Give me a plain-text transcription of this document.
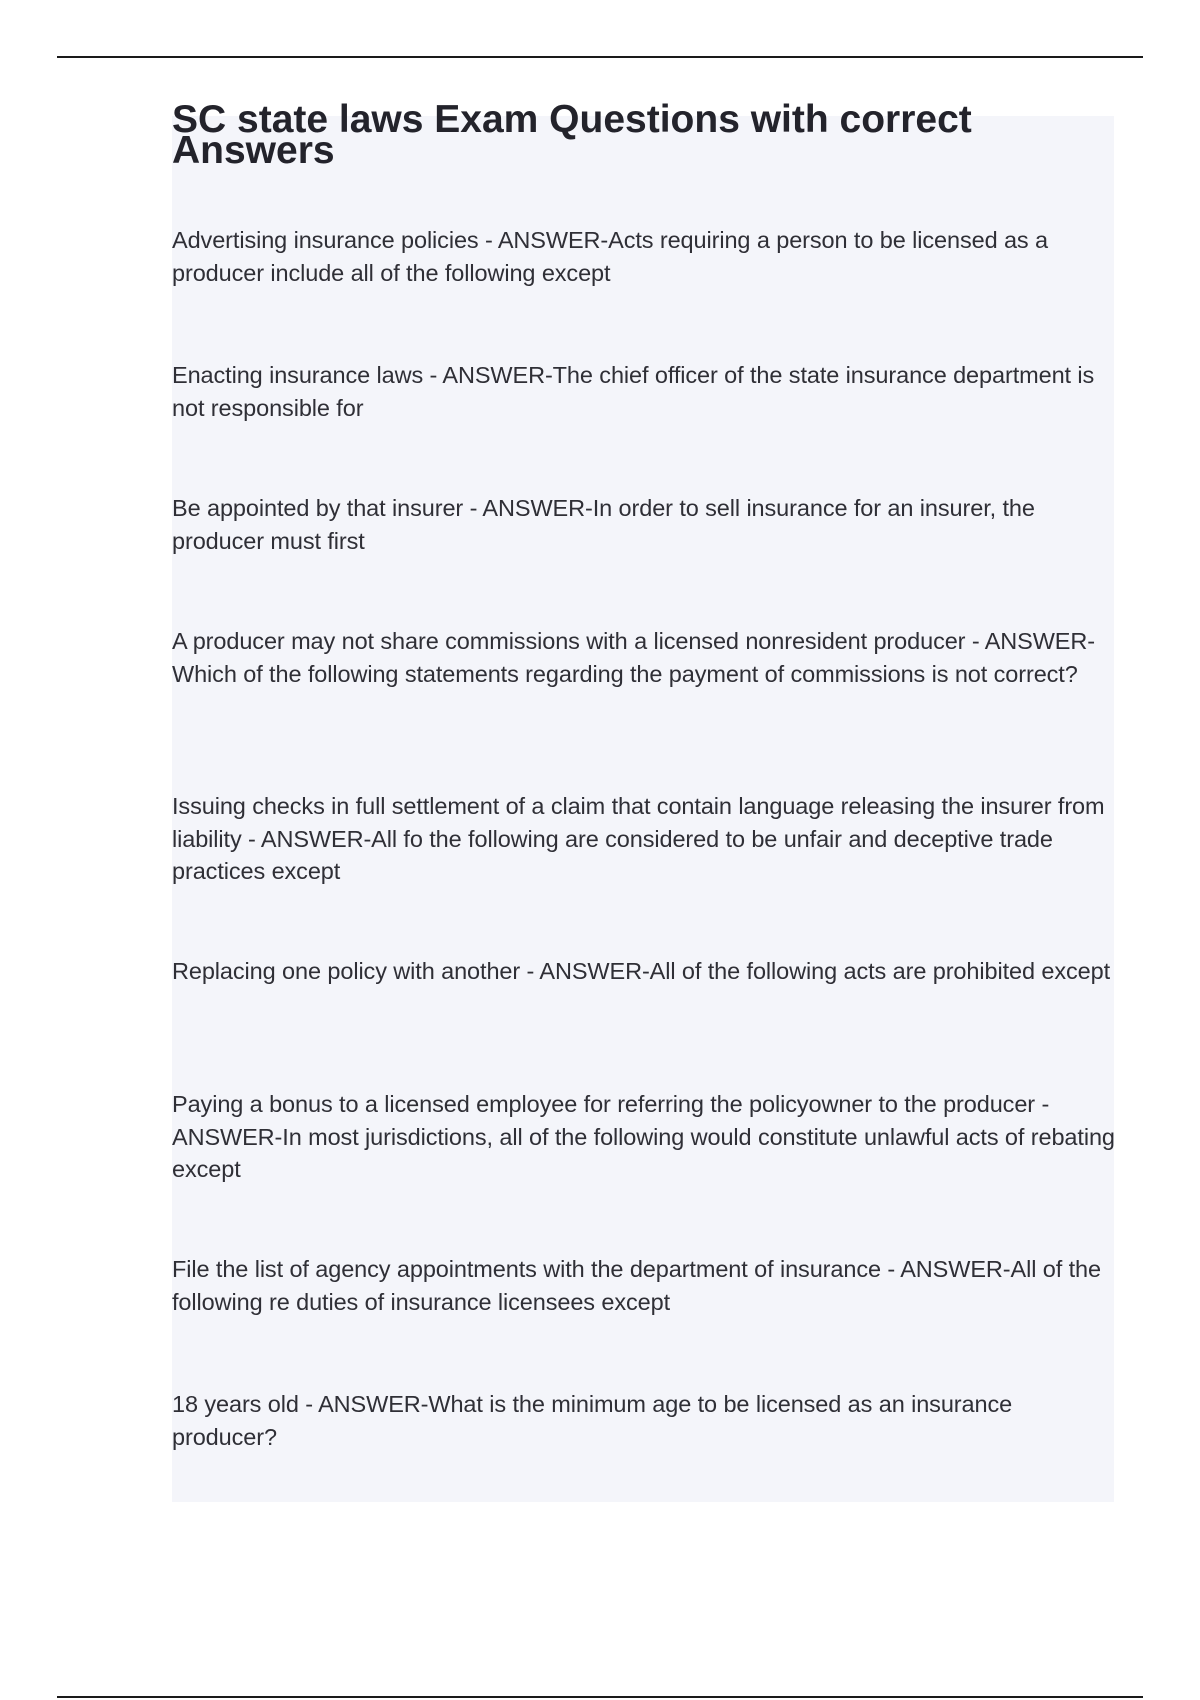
SC state laws Exam Questions with correct Answers

Advertising insurance policies - ANSWER-Acts requiring a person to be licensed as a producer include all of the following except

Enacting insurance laws - ANSWER-The chief officer of the state insurance department is not responsible for

Be appointed by that insurer - ANSWER-In order to sell insurance for an insurer, the producer must first

A producer may not share commissions with a licensed nonresident producer - ANSWER-Which of the following statements regarding the payment of commissions is not correct?

Issuing checks in full settlement of a claim that contain language releasing the insurer from liability - ANSWER-All fo the following are considered to be unfair and deceptive trade practices except

Replacing one policy with another - ANSWER-All of the following acts are prohibited except

Paying a bonus to a licensed employee for referring the policyowner to the producer - ANSWER-In most jurisdictions, all of the following would constitute unlawful acts of rebating except

File the list of agency appointments with the department of insurance - ANSWER-All of the following re duties of insurance licensees except

18 years old - ANSWER-What is the minimum age to be licensed as an insurance producer?
